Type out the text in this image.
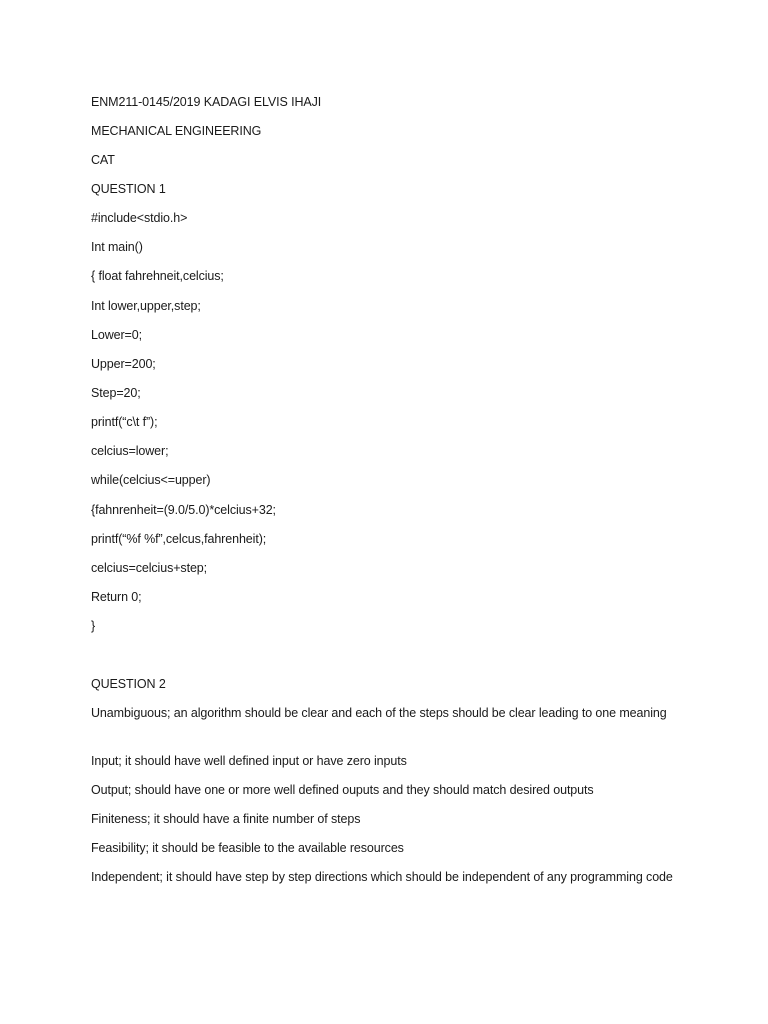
ENM211-0145/2019 KADAGI ELVIS IHAJI
MECHANICAL ENGINEERING
CAT
QUESTION 1
#include<stdio.h>
Int main()
{ float fahrehneit,celcius;
Int lower,upper,step;
Lower=0;
Upper=200;
Step=20;
printf(“c\t f”);
celcius=lower;
while(celcius<=upper)
{fahnrenheit=(9.0/5.0)*celcius+32;
printf(“%f %f”,celcus,fahrenheit);
celcius=celcius+step;
Return 0;
}
QUESTION 2
Unambiguous; an algorithm should be clear and each of the steps should be clear leading to one meaning
Input; it should have well defined input or have zero inputs
Output; should have one or more well defined ouputs and they should match desired outputs
Finiteness; it should have a finite number of steps
Feasibility; it should be feasible to the available resources
Independent; it should have step by step directions which should be independent of any programming code
